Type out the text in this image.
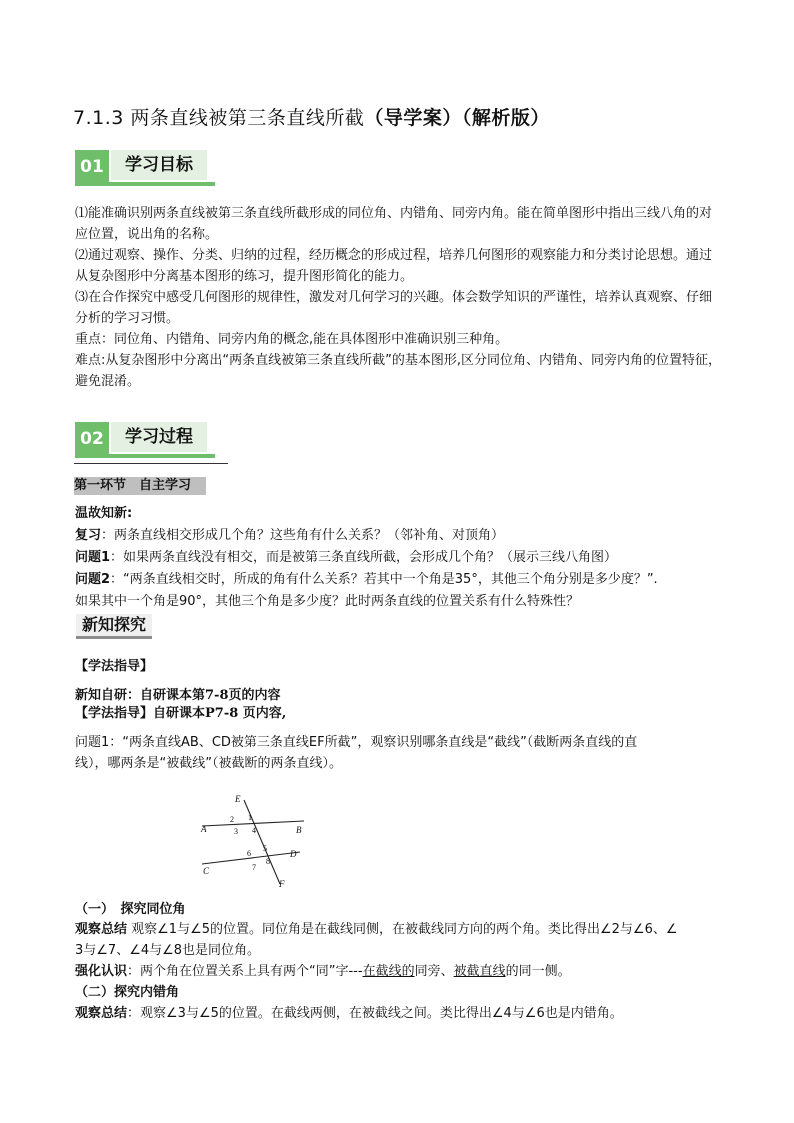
7.1.3 两条直线被第三条直线所截（导学案）（解析版）
学习目标
01
⑴能准确识别两条直线被第三条直线所截形成的同位角、内错角、同旁内角。能在简单图形中指出三线八角的对应位置，说出角的名称。
⑵通过观察、操作、分类、归纳的过程，经历概念的形成过程，培养几何图形的观察能力和分类讨论思想。通过从复杂图形中分离基本图形的练习，提升图形简化的能力。
⑶在合作探究中感受几何图形的规律性，激发对几何学习的兴趣。体会数学知识的严谨性，培养认真观察、仔细分析的学习习惯。
重点：同位角、内错角、同旁内角的概念,能在具体图形中准确识别三种角。
难点:从复杂图形中分离出“两条直线被第三条直线所截”的基本图形,区分同位角、内错角、同旁内角的位置特征，避免混淆。
学习过程
02
第一环节　自主学习
温故知新:
复习：两条直线相交形成几个角？这些角有什么关系？（邻补角、对顶角）
问题1：如果两条直线没有相交，而是被第三条直线所截，会形成几个角？（展示三线八角图）
问题2：“两条直线相交时，所成的角有什么关系？若其中一个角是35°，其他三个角分别是多少度？”.
如果其中一个角是90°，其他三个角是多少度？此时两条直线的位置关系有什么特殊性？
新知探究
【学法指导】
新知自研：自研课本第7-8页的内容
【学法指导】自研课本P7-8 页内容,
问题1：“两条直线AB、CD被第三条直线EF所截”，观察识别哪条直线是“截线”（截断两条直线的直
线），哪两条是“被截线”（被截断的两条直线）。
E
F
A	B
C
D
1
2
3 4
5
6
7
8
（一）　探究同位角
观察总结 观察∠1与∠5的位置。同位角是在截线同侧，在被截线同方向的两个角。类比得出∠2与∠6、∠
3与∠7、∠4与∠8也是同位角。
强化认识：两个角在位置关系上具有两个“同”字---在截线的同旁、被截直线的同一侧。
（二）探究内错角
观察总结：观察∠3与∠5的位置。在截线两侧，在被截线之间。类比得出∠4与∠6也是内错角。
